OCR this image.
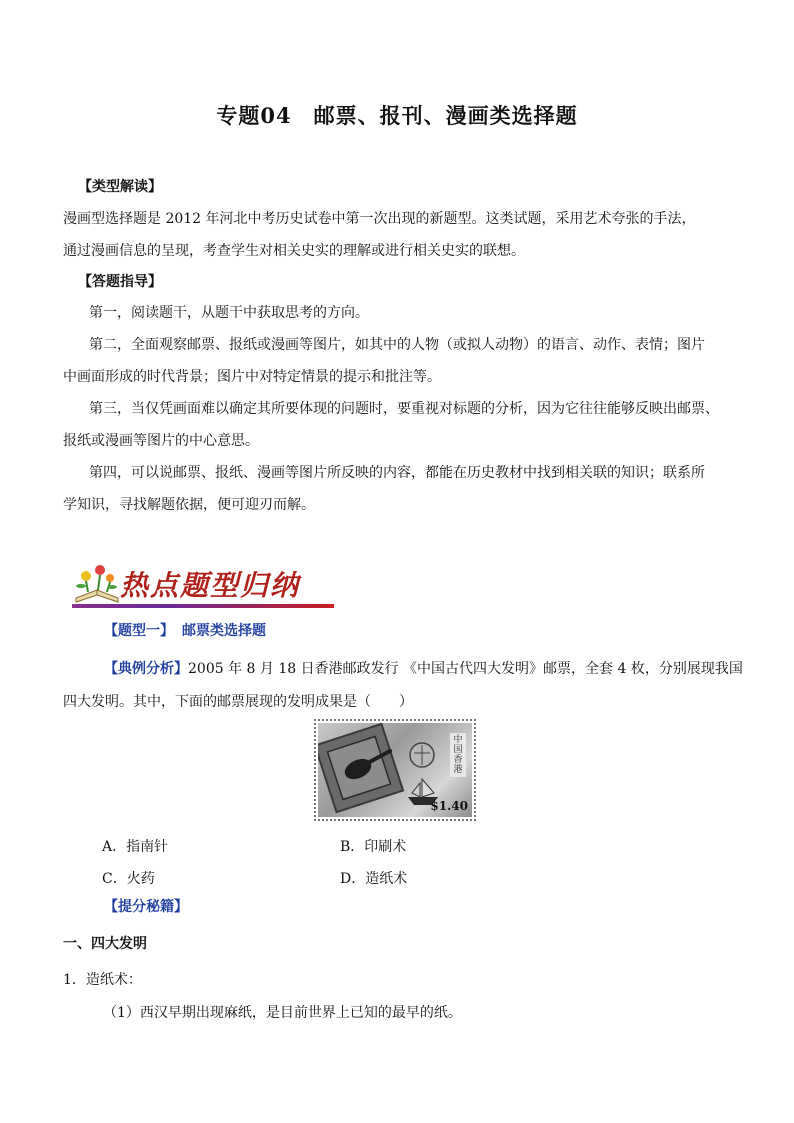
专题04　邮票、报刊、漫画类选择题
【类型解读】
漫画型选择题是 2012 年河北中考历史试卷中第一次出现的新题型。这类试题，采用艺术夸张的手法，
通过漫画信息的呈现，考查学生对相关史实的理解或进行相关史实的联想。
【答题指导】
第一，阅读题干，从题干中获取思考的方向。
第二，全面观察邮票、报纸或漫画等图片，如其中的人物（或拟人动物）的语言、动作、表情；图片
中画面形成的时代背景；图片中对特定情景的提示和批注等。
第三，当仅凭画面难以确定其所要体现的问题时，要重视对标题的分析，因为它往往能够反映出邮票、
报纸或漫画等图片的中心意思。
第四，可以说邮票、报纸、漫画等图片所反映的内容，都能在历史教材中找到相关联的知识；联系所
学知识，寻找解题依据，便可迎刃而解。
热点题型归纳
【题型一】 邮票类选择题
【典例分析】2005 年 8 月 18 日香港邮政发行 《中国古代四大发明》邮票，全套 4 枚，分别展现我国
四大发明。其中，下面的邮票展现的发明成果是（　　）
中国香港
$1.40
A．指南针	B．印刷术
C．火药	D．造纸术
【提分秘籍】
一、四大发明
1．造纸术：
（1）西汉早期出现麻纸，是目前世界上已知的最早的纸。
